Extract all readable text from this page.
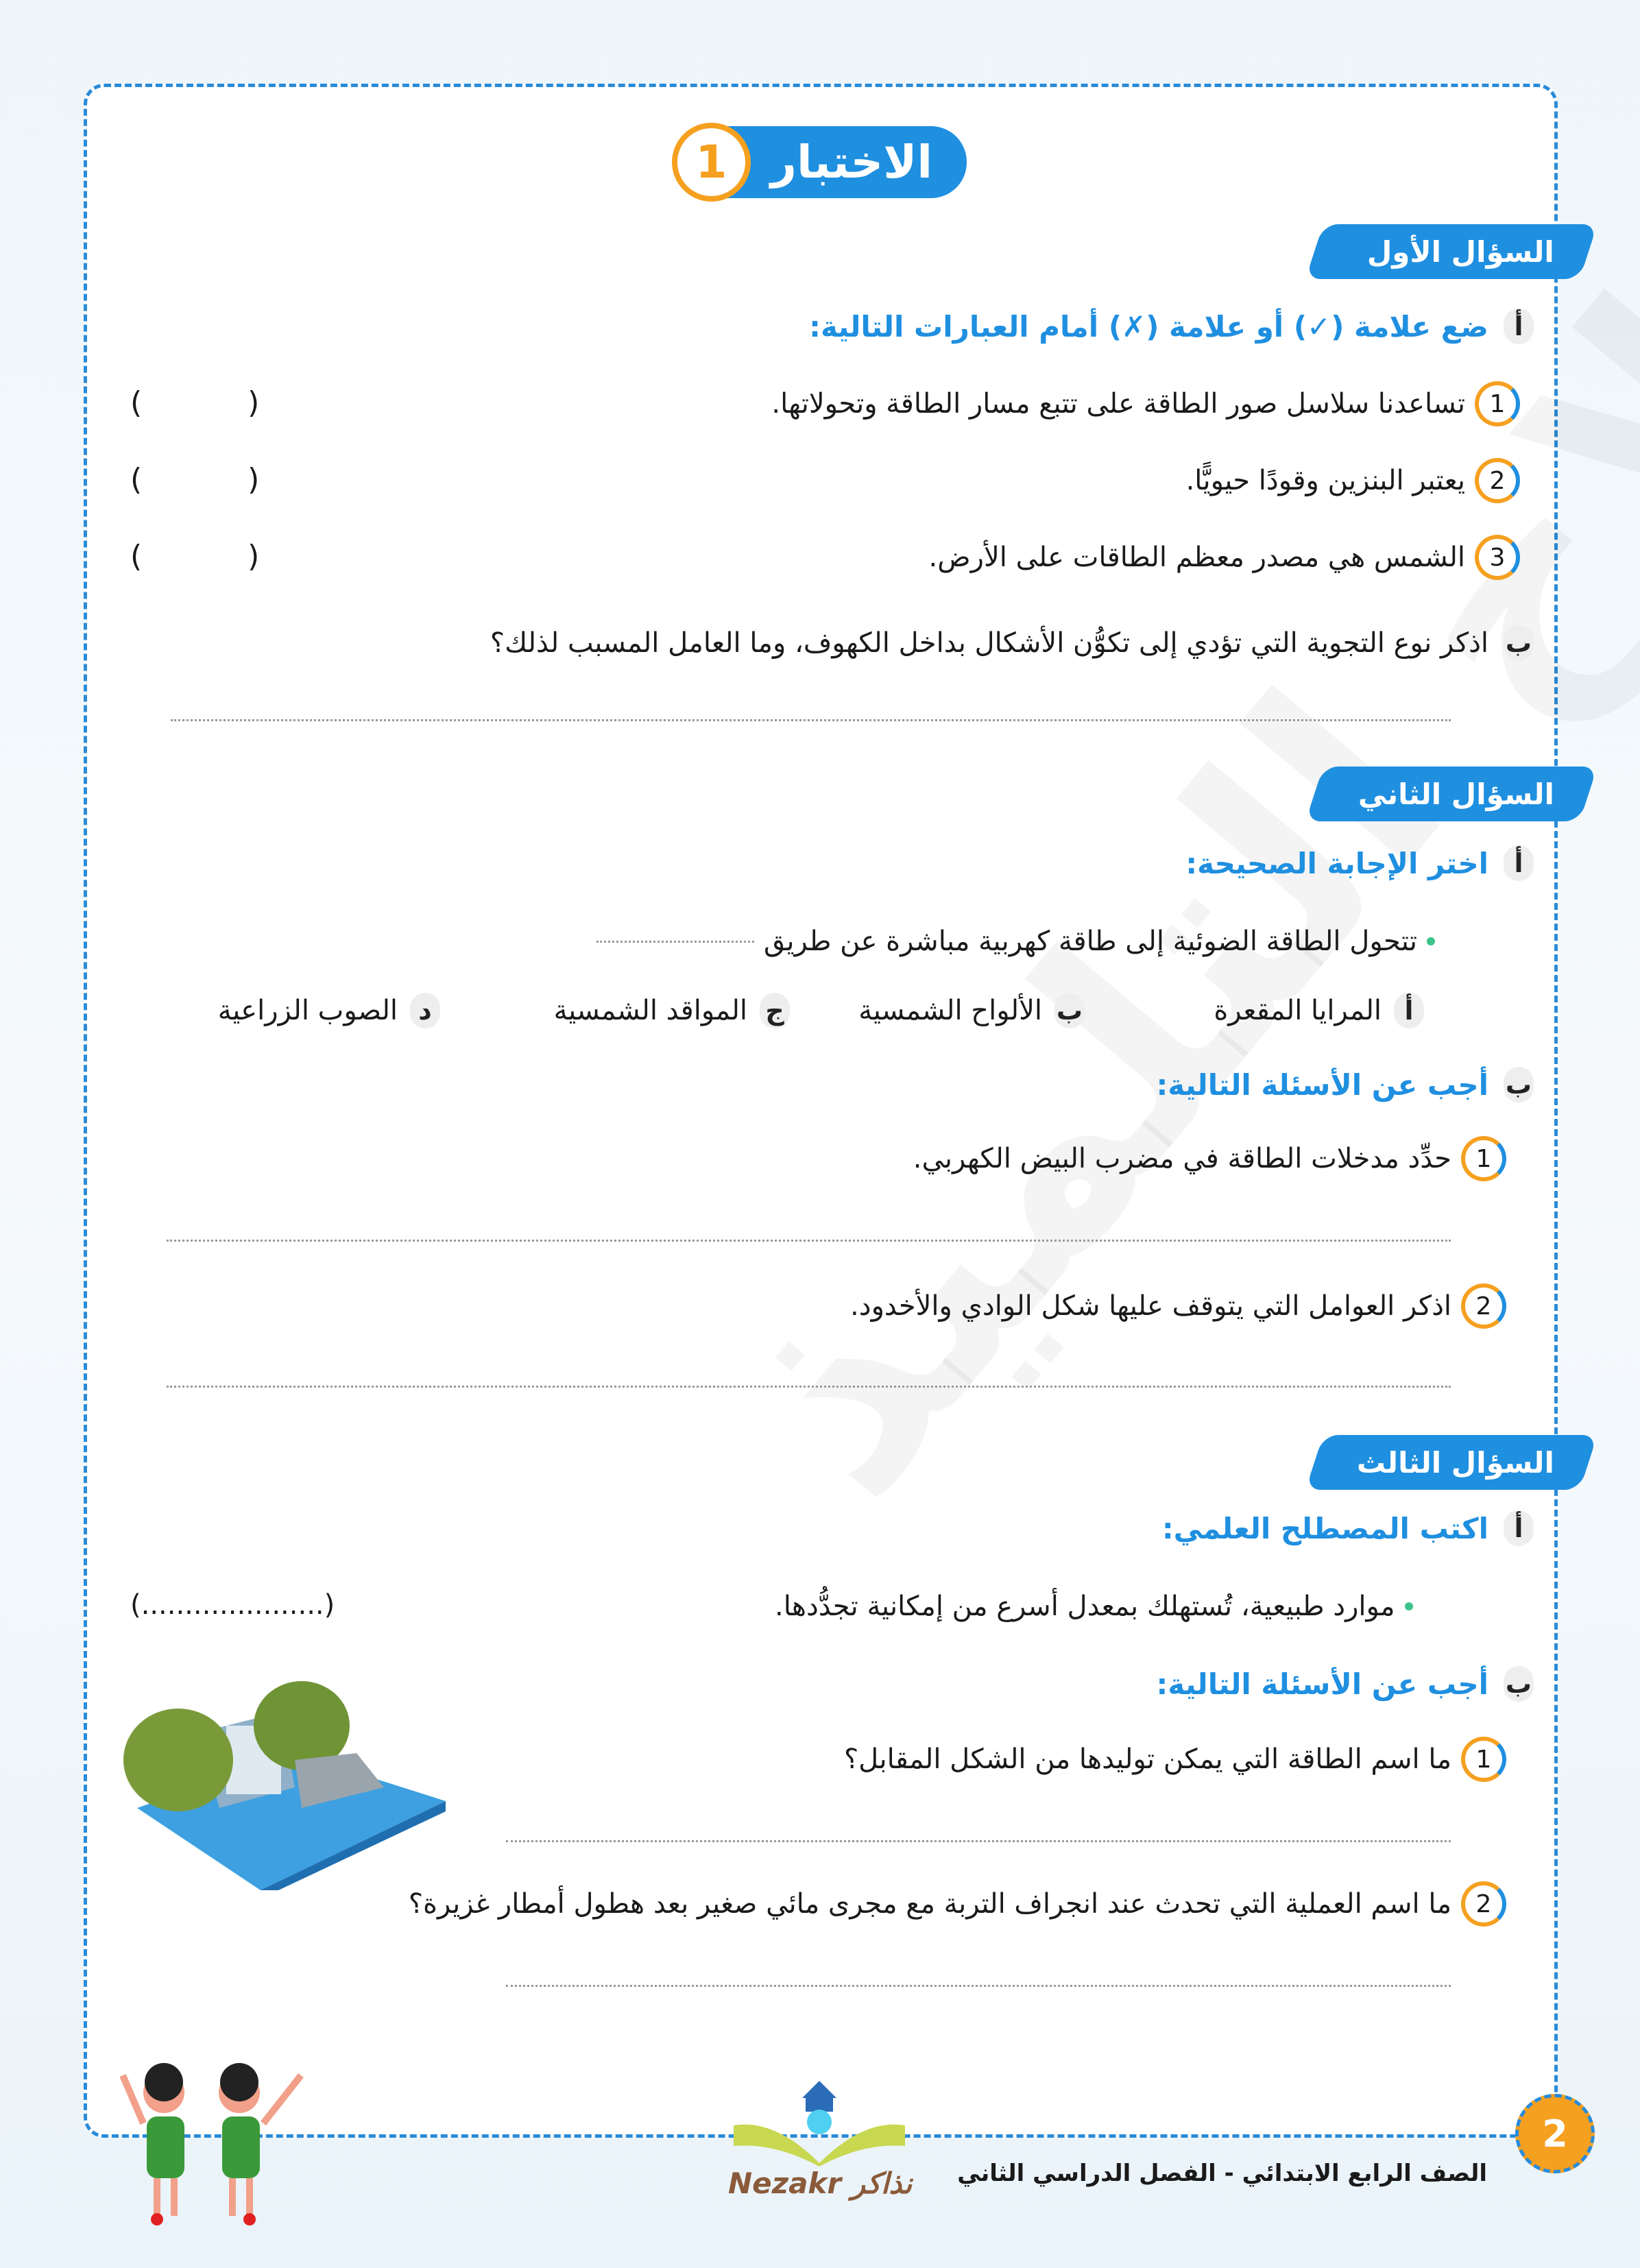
1 الاختبار
السؤال الأول
أ
ضع علامة (✓) أو علامة (✗) أمام العبارات التالية:
1
تساعدنا سلاسل صور الطاقة على تتبع مسار الطاقة وتحولاتها.
( )
2
يعتبر البنزين وقودًا حيويًّا.
( )
3
الشمس هي مصدر معظم الطاقات على الأرض.
( )
ب
اذكر نوع التجوية التي تؤدي إلى تكوُّن الأشكال بداخل الكهوف، وما العامل المسبب لذلك؟
السؤال الثاني
أ
اختر الإجابة الصحيحة:
تتحول الطاقة الضوئية إلى طاقة كهربية مباشرة عن طريق
أ
المرايا المقعرة
ب
الألواح الشمسية
ج
المواقد الشمسية
د
الصوب الزراعية
ب
أجب عن الأسئلة التالية:
1
حدِّد مدخلات الطاقة في مضرب البيض الكهربي.
2
اذكر العوامل التي يتوقف عليها شكل الوادي والأخدود.
السؤال الثالث
أ
اكتب المصطلح العلمي:
موارد طبيعية، تُستهلك بمعدل أسرع من إمكانية تجدُّدها.
(.....................)
ب
أجب عن الأسئلة التالية:
1
ما اسم الطاقة التي يمكن توليدها من الشكل المقابل؟
2
ما اسم العملية التي تحدث عند انجراف التربة مع مجرى مائي صغير بعد هطول أمطار غزيرة؟
2
الصف الرابع الابتدائي - الفصل الدراسي الثاني
Nezakr نذاكر
